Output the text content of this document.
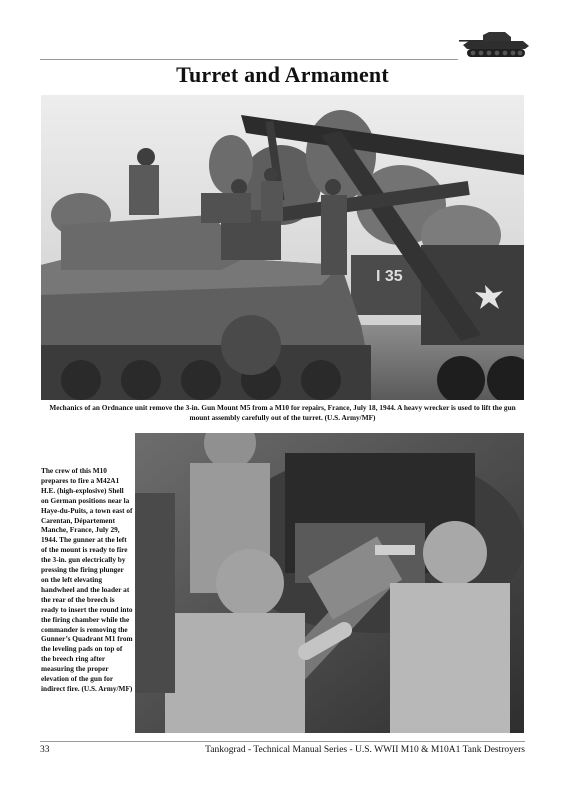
Turret and Armament
I 35
Mechanics of an Ordnance unit remove the 3-in. Gun Mount M5 from a M10 for repairs, France, July 18, 1944. A heavy wrecker is used to lift the gun mount assembly carefully out of the turret. (U.S. Army/MF)
The crew of this M10 prepares to fire a M42A1 H.E. (high-explosive) Shell on German positions near la Haye-du-Puits, a town east of Carentan, Département Manche, France, July 29, 1944. The gunner at the left of the mount is ready to fire the 3-in. gun electrically by pressing the firing plunger on the left elevating handwheel and the loader at the rear of the breech is ready to insert the round into the firing chamber while the commander is removing the Gunner’s Quadrant M1 from the leveling pads on top of the breech ring after measuring the proper elevation of the gun for indirect fire. (U.S. Army/MF)
33	Tankograd - Technical Manual Series - U.S. WWII M10 & M10A1 Tank Destroyers
